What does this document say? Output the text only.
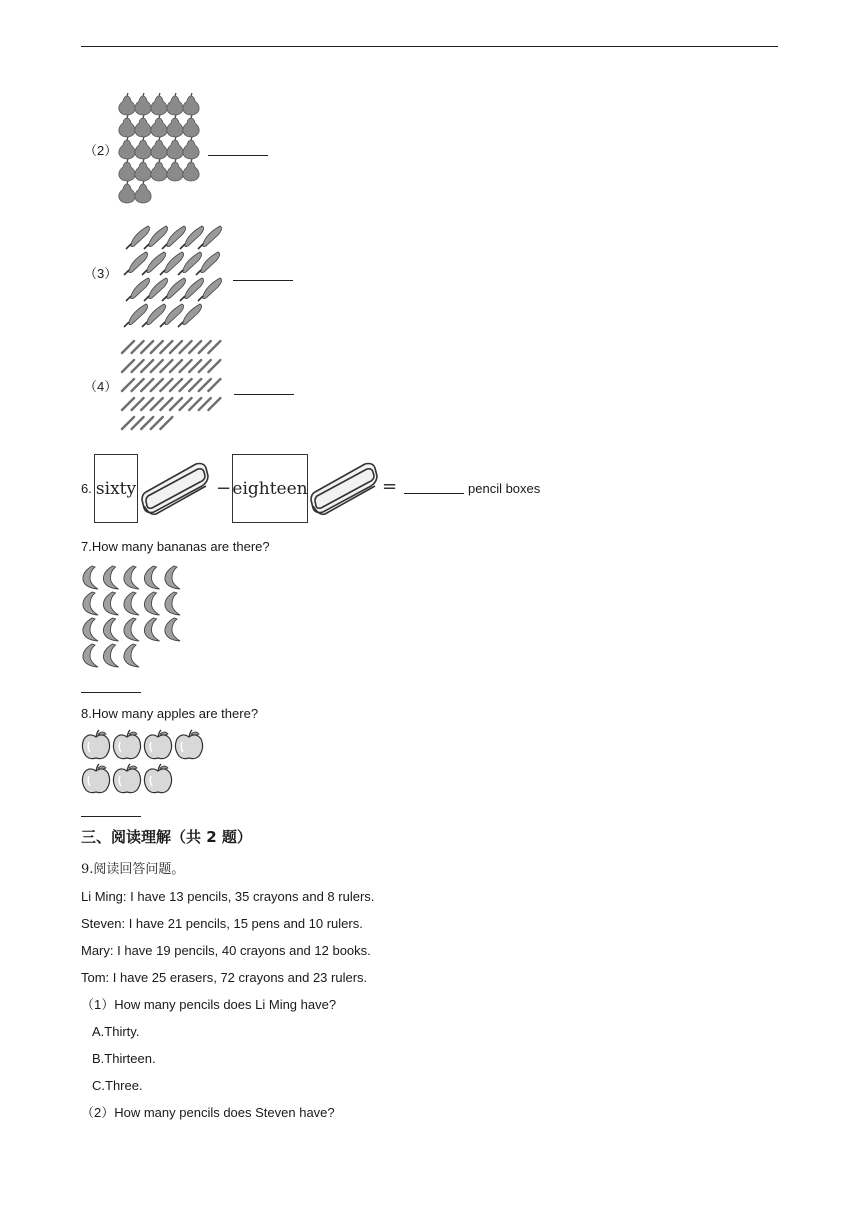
（2）
（3）
（4）
6. sixty	− eighteen	=	pencil boxes
7.How many bananas are there?
8.How many apples are there?
三、阅读理解（共 2 题）
9.阅读回答问题。
Li Ming: I have 13 pencils, 35 crayons and 8 rulers.
Steven: I have 21 pencils, 15 pens and 10 rulers.
Mary: I have 19 pencils, 40 crayons and 12 books.
Tom: I have 25 erasers, 72 crayons and 23 rulers.
（1）How many pencils does Li Ming have?
A.Thirty.
B.Thirteen.
C.Three.
（2）How many pencils does Steven have?
